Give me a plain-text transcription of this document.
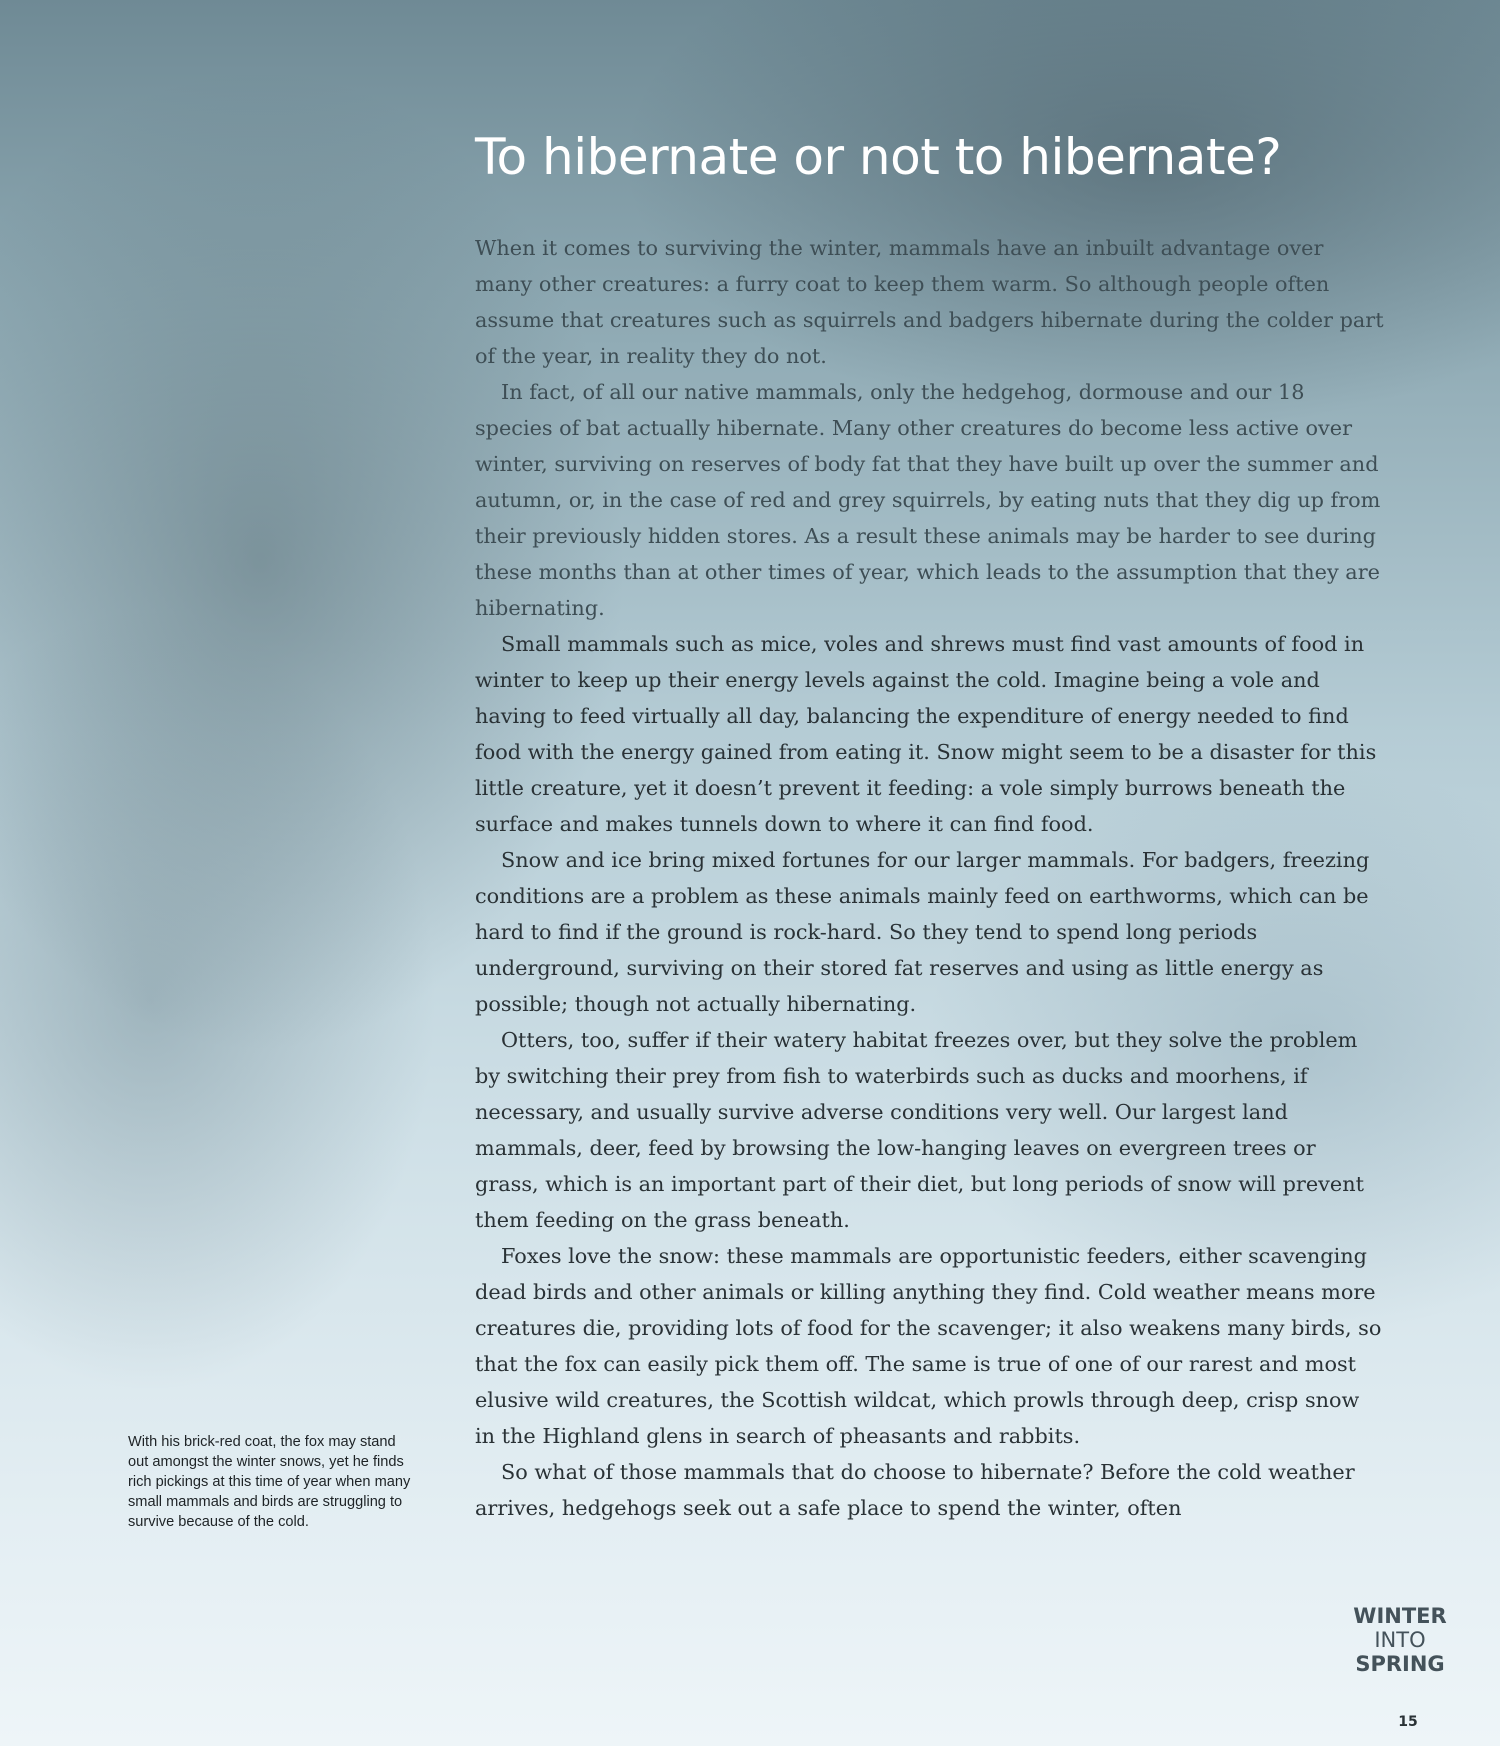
To hibernate or not to hibernate?

When it comes to surviving the winter, mammals have an inbuilt advantage over many other creatures: a furry coat to keep them warm. So although people often assume that creatures such as squirrels and badgers hibernate during the colder part of the year, in reality they do not.

In fact, of all our native mammals, only the hedgehog, dormouse and our 18 species of bat actually hibernate. Many other creatures do become less active over winter, surviving on reserves of body fat that they have built up over the summer and autumn, or, in the case of red and grey squirrels, by eating nuts that they dig up from their previously hidden stores. As a result these animals may be harder to see during these months than at other times of year, which leads to the assumption that they are hibernating.

Small mammals such as mice, voles and shrews must find vast amounts of food in winter to keep up their energy levels against the cold. Imagine being a vole and having to feed virtually all day, balancing the expenditure of energy needed to find food with the energy gained from eating it. Snow might seem to be a disaster for this little creature, yet it doesn’t prevent it feeding: a vole simply burrows beneath the surface and makes tunnels down to where it can find food.

Snow and ice bring mixed fortunes for our larger mammals. For badgers, freezing conditions are a problem as these animals mainly feed on earthworms, which can be hard to find if the ground is rock-hard. So they tend to spend long periods underground, surviving on their stored fat reserves and using as little energy as possible; though not actually hibernating.

Otters, too, suffer if their watery habitat freezes over, but they solve the problem by switching their prey from fish to waterbirds such as ducks and moorhens, if necessary, and usually survive adverse conditions very well. Our largest land mammals, deer, feed by browsing the low-hanging leaves on evergreen trees or grass, which is an important part of their diet, but long periods of snow will prevent them feeding on the grass beneath.

Foxes love the snow: these mammals are opportunistic feeders, either scavenging dead birds and other animals or killing anything they find. Cold weather means more creatures die, providing lots of food for the scavenger; it also weakens many birds, so that the fox can easily pick them off. The same is true of one of our rarest and most elusive wild creatures, the Scottish wildcat, which prowls through deep, crisp snow in the Highland glens in search of pheasants and rabbits.

So what of those mammals that do choose to hibernate? Before the cold weather arrives, hedgehogs seek out a safe place to spend the winter, often

With his brick-red coat, the fox may stand out amongst the winter snows, yet he finds rich pickings at this time of year when many small mammals and birds are struggling to survive because of the cold.

WINTER
INTO
SPRING
15
